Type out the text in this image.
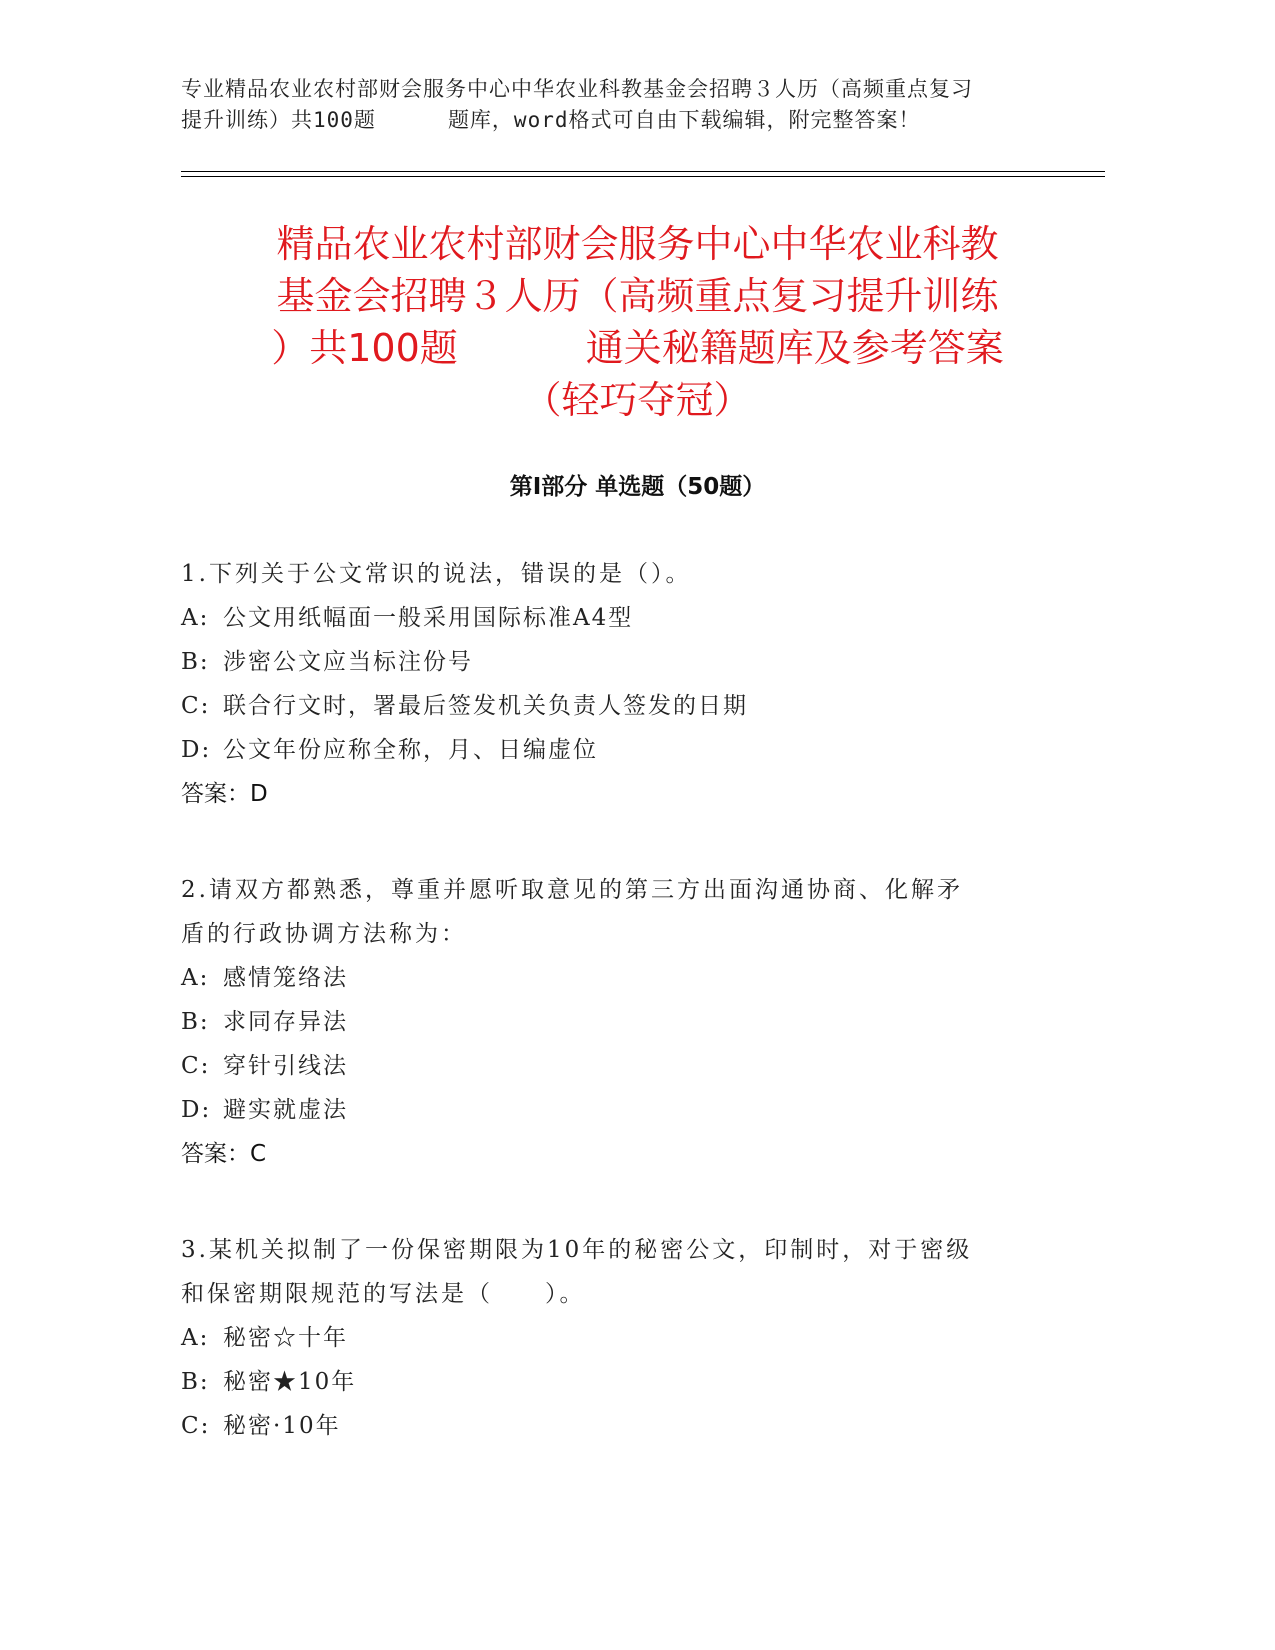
专业精品农业农村部财会服务中心中华农业科教基金会招聘３人历（高频重点复习
提升训练）共100题	题库，word格式可自由下载编辑，附完整答案！

精品农业农村部财会服务中心中华农业科教
基金会招聘３人历（高频重点复习提升训练
）共100题	通关秘籍题库及参考答案
（轻巧夺冠）
第Ⅰ部分 单选题（50题）

1.下列关于公文常识的说法，错误的是（）。

A: 公文用纸幅面一般采用国际标准A4型

B: 涉密公文应当标注份号

C: 联合行文时，署最后签发机关负责人签发的日期

D: 公文年份应称全称，月、日编虚位

答案：D

2.请双方都熟悉，尊重并愿听取意见的第三方出面沟通协商、化解矛

盾的行政协调方法称为：

A: 感情笼络法

B: 求同存异法

C: 穿针引线法

D: 避实就虚法

答案：C

3.某机关拟制了一份保密期限为10年的秘密公文，印制时，对于密级

和保密期限规范的写法是（　　）。

A: 秘密☆十年

B: 秘密★10年

C: 秘密·10年
